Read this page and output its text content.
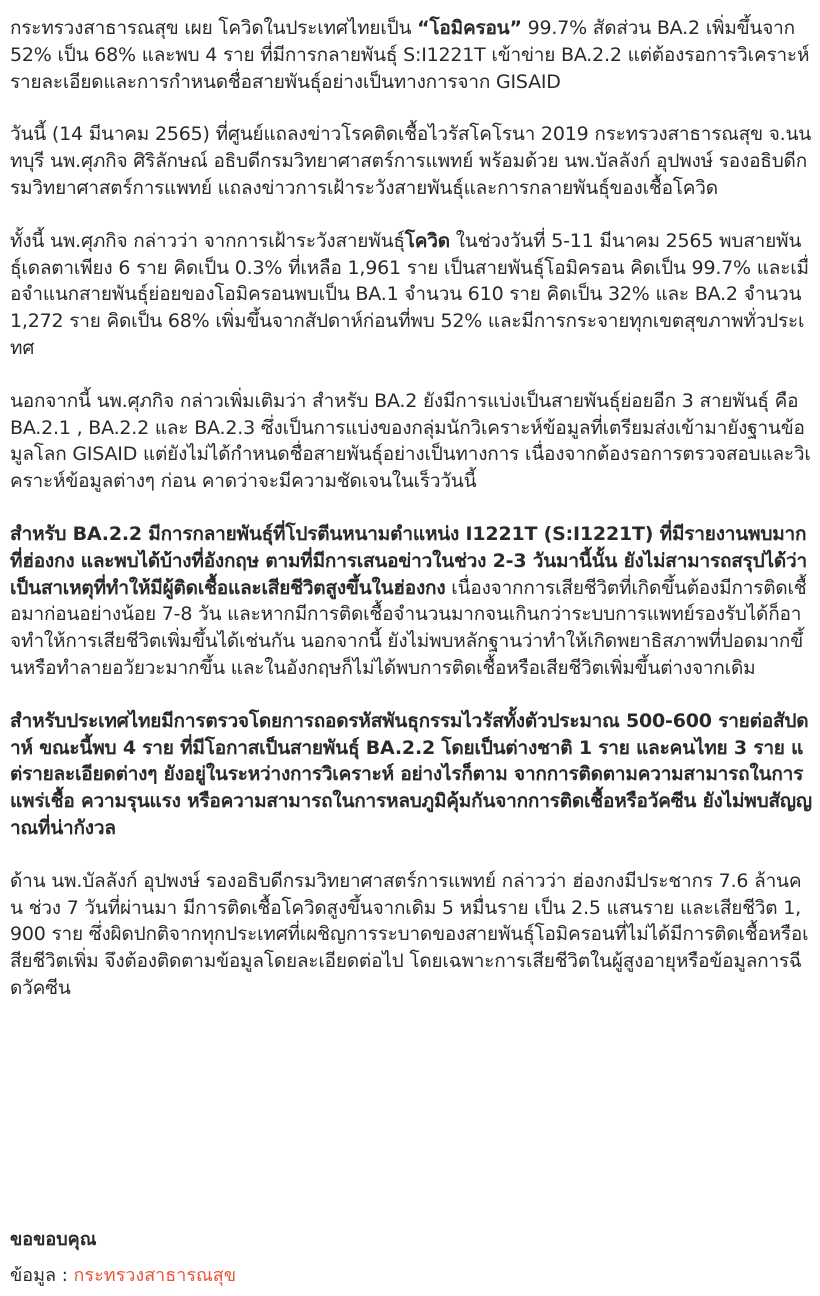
กระทรวงสาธารณสุข เผย โควิดในประเทศไทยเป็น “โอมิครอน” 99.7% สัดส่วน BA.2 เพิ่มขึ้นจาก 52% เป็น 68% และพบ 4 ราย ที่มีการกลายพันธุ์ S:I1221T เข้าข่าย BA.2.2 แต่ต้องรอการวิเคราะห์รายละเอียดและการกำหนดชื่อสายพันธุ์อย่างเป็นทางการจาก GISAID

วันนี้ (14 มีนาคม 2565) ที่ศูนย์แถลงข่าวโรคติดเชื้อไวรัสโคโรนา 2019 กระทรวงสาธารณสุข จ.นนทบุรี นพ.ศุภกิจ ศิริลักษณ์ อธิบดีกรมวิทยาศาสตร์การแพทย์ พร้อมด้วย นพ.บัลลังก์ อุปพงษ์ รองอธิบดีกรมวิทยาศาสตร์การแพทย์ แถลงข่าวการเฝ้าระวังสายพันธุ์และการกลายพันธุ์ของเชื้อโควิด

ทั้งนี้ นพ.ศุภกิจ กล่าวว่า จากการเฝ้าระวังสายพันธุ์โควิด ในช่วงวันที่ 5-11 มีนาคม 2565 พบสายพันธุ์เดลตาเพียง 6 ราย คิดเป็น 0.3% ที่เหลือ 1,961 ราย เป็นสายพันธุ์โอมิครอน คิดเป็น 99.7% และเมื่อจำแนกสายพันธุ์ย่อยของโอมิครอนพบเป็น BA.1 จำนวน 610 ราย คิดเป็น 32% และ BA.2 จำนวน 1,272 ราย คิดเป็น 68% เพิ่มขึ้นจากสัปดาห์ก่อนที่พบ 52% และมีการกระจายทุกเขตสุขภาพทั่วประเทศ

นอกจากนี้ นพ.ศุภกิจ กล่าวเพิ่มเติมว่า สำหรับ BA.2 ยังมีการแบ่งเป็นสายพันธุ์ย่อยอีก 3 สายพันธุ์ คือ BA.2.1 , BA.2.2 และ BA.2.3 ซึ่งเป็นการแบ่งของกลุ่มนักวิเคราะห์ข้อมูลที่เตรียมส่งเข้ามายังฐานข้อมูลโลก GISAID แต่ยังไม่ได้กำหนดชื่อสายพันธุ์อย่างเป็นทางการ เนื่องจากต้องรอการตรวจสอบและวิเคราะห์ข้อมูลต่างๆ ก่อน คาดว่าจะมีความชัดเจนในเร็ววันนี้

สำหรับ BA.2.2 มีการกลายพันธุ์ที่โปรตีนหนามตำแหน่ง I1221T (S:I1221T) ที่มีรายงานพบมากที่ฮ่องกง และพบได้บ้างที่อังกฤษ ตามที่มีการเสนอข่าวในช่วง 2-3 วันมานี้นั้น ยังไม่สามารถสรุปได้ว่าเป็นสาเหตุที่ทำให้มีผู้ติดเชื้อและเสียชีวิตสูงขึ้นในฮ่องกง เนื่องจากการเสียชีวิตที่เกิดขึ้นต้องมีการติดเชื้อมาก่อนอย่างน้อย 7-8 วัน และหากมีการติดเชื้อจำนวนมากจนเกินกว่าระบบการแพทย์รองรับได้ก็อาจทำให้การเสียชีวิตเพิ่มขึ้นได้เช่นกัน นอกจากนี้ ยังไม่พบหลักฐานว่าทำให้เกิดพยาธิสภาพที่ปอดมากขึ้นหรือทำลายอวัยวะมากขึ้น และในอังกฤษก็ไม่ได้พบการติดเชื้อหรือเสียชีวิตเพิ่มขึ้นต่างจากเดิม

สำหรับประเทศไทยมีการตรวจโดยการถอดรหัสพันธุกรรมไวรัสทั้งตัวประมาณ 500-600 รายต่อสัปดาห์ ขณะนี้พบ 4 ราย ที่มีโอกาสเป็นสายพันธุ์ BA.2.2 โดยเป็นต่างชาติ 1 ราย และคนไทย 3 ราย แต่รายละเอียดต่างๆ ยังอยู่ในระหว่างการวิเคราะห์ อย่างไรก็ตาม จากการติดตามความสามารถในการแพร่เชื้อ ความรุนแรง หรือความสามารถในการหลบภูมิคุ้มกันจากการติดเชื้อหรือวัคซีน ยังไม่พบสัญญาณที่น่ากังวล

ด้าน นพ.บัลลังก์ อุปพงษ์ รองอธิบดีกรมวิทยาศาสตร์การแพทย์ กล่าวว่า ฮ่องกงมีประชากร 7.6 ล้านคน ช่วง 7 วันที่ผ่านมา มีการติดเชื้อโควิดสูงขึ้นจากเดิม 5 หมื่นราย เป็น 2.5 แสนราย และเสียชีวิต 1,900 ราย ซึ่งผิดปกติจากทุกประเทศที่เผชิญการระบาดของสายพันธุ์โอมิครอนที่ไม่ได้มีการติดเชื้อหรือเสียชีวิตเพิ่ม จึงต้องติดตามข้อมูลโดยละเอียดต่อไป โดยเฉพาะการเสียชีวิตในผู้สูงอายุหรือข้อมูลการฉีดวัคซีน

ขอขอบคุณ

ข้อมูล : กระทรวงสาธารณสุข
